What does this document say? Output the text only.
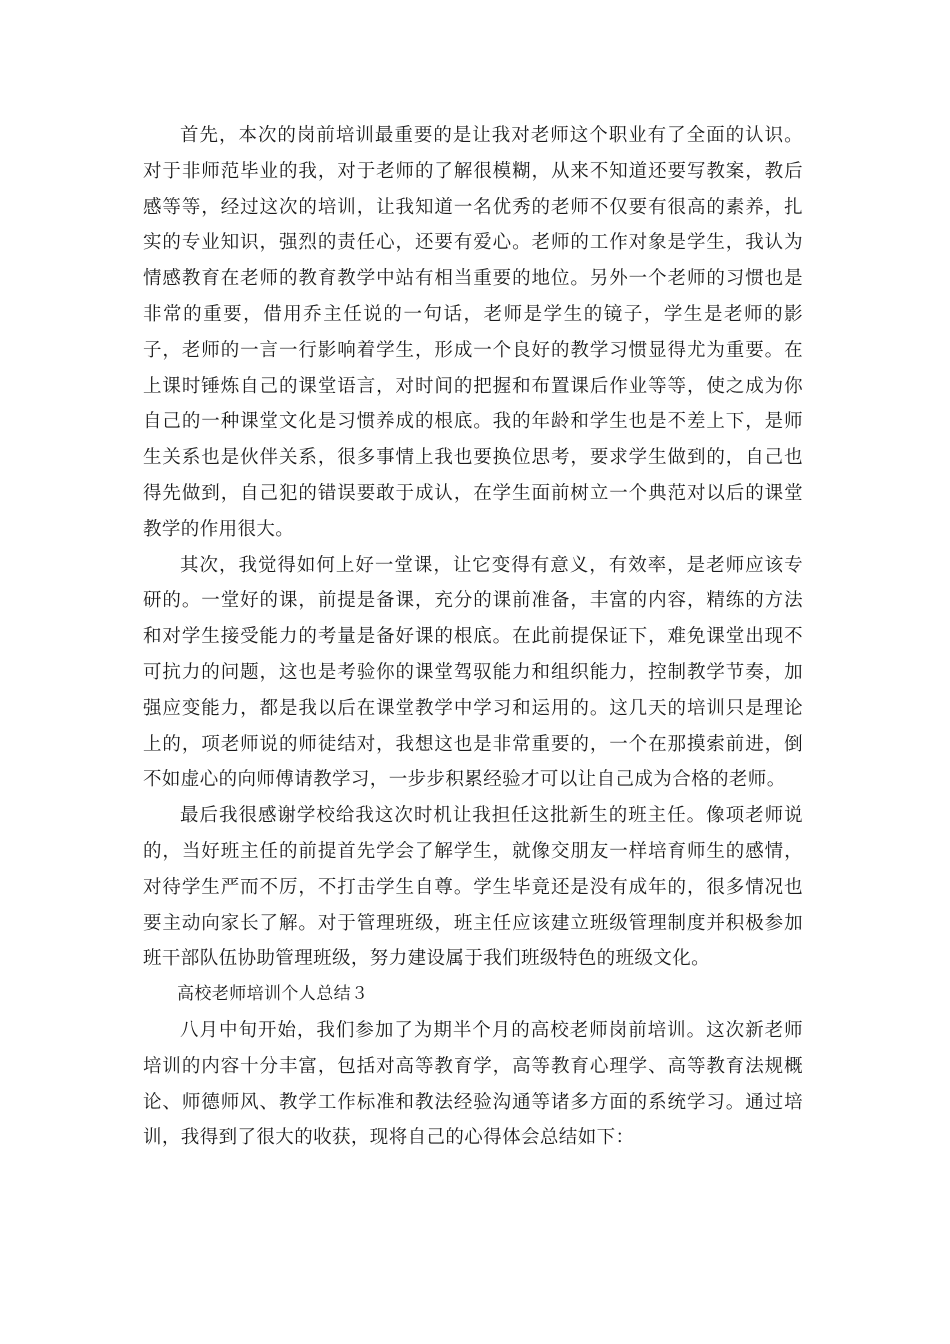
首先，本次的岗前培训最重要的是让我对老师这个职业有了全面的认识。对于非师范毕业的我，对于老师的了解很模糊，从来不知道还要写教案，教后感等等，经过这次的培训，让我知道一名优秀的老师不仅要有很高的素养，扎实的专业知识，强烈的责任心，还要有爱心。老师的工作对象是学生，我认为情感教育在老师的教育教学中站有相当重要的地位。另外一个老师的习惯也是非常的重要，借用乔主任说的一句话，老师是学生的镜子，学生是老师的影子，老师的一言一行影响着学生，形成一个良好的教学习惯显得尤为重要。在上课时锤炼自己的课堂语言，对时间的把握和布置课后作业等等，使之成为你自己的一种课堂文化是习惯养成的根底。我的年龄和学生也是不差上下，是师生关系也是伙伴关系，很多事情上我也要换位思考，要求学生做到的，自己也得先做到，自己犯的错误要敢于成认，在学生面前树立一个典范对以后的课堂教学的作用很大。

其次，我觉得如何上好一堂课，让它变得有意义，有效率，是老师应该专研的。一堂好的课，前提是备课，充分的课前准备，丰富的内容，精练的方法和对学生接受能力的考量是备好课的根底。在此前提保证下，难免课堂出现不可抗力的问题，这也是考验你的课堂驾驭能力和组织能力，控制教学节奏，加强应变能力，都是我以后在课堂教学中学习和运用的。这几天的培训只是理论上的，项老师说的师徒结对，我想这也是非常重要的，一个在那摸索前进，倒不如虚心的向师傅请教学习，一步步积累经验才可以让自己成为合格的老师。

最后我很感谢学校给我这次时机让我担任这批新生的班主任。像项老师说的，当好班主任的前提首先学会了解学生，就像交朋友一样培育师生的感情，对待学生严而不厉，不打击学生自尊。学生毕竟还是没有成年的，很多情况也要主动向家长了解。对于管理班级，班主任应该建立班级管理制度并积极参加班干部队伍协助管理班级，努力建设属于我们班级特色的班级文化。

高校老师培训个人总结３

八月中旬开始，我们参加了为期半个月的高校老师岗前培训。这次新老师培训的内容十分丰富，包括对高等教育学，高等教育心理学、高等教育法规概论、师德师风、教学工作标准和教法经验沟通等诸多方面的系统学习。通过培训，我得到了很大的收获，现将自己的心得体会总结如下：
